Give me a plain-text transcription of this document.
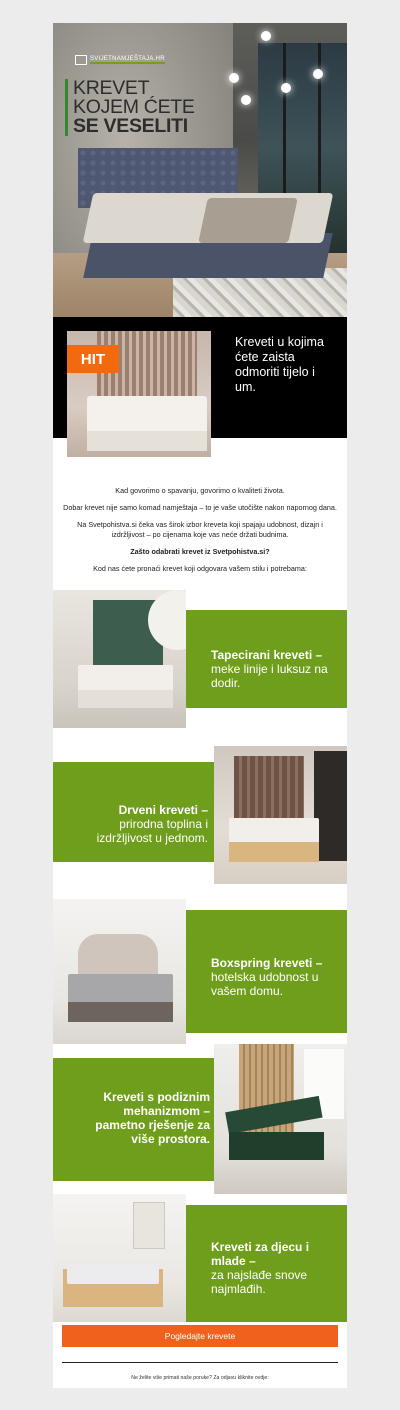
SVIJETNAMJEŠTAJA.HR
KREVET
KOJEM ĆETE
SE VESELITI
HIT
Kreveti u kojima ćete zaista odmoriti tijelo i um.

Kad govorimo o spavanju, govorimo o kvaliteti života.

Dobar krevet nije samo komad namještaja – to je vaše utočište nakon napornog dana.

Na Svetpohistva.si čeka vas širok izbor kreveta koji spajaju udobnost, dizajn i izdržljivost – po cijenama koje vas neće držati budnima.

Zašto odabrati krevet iz Svetpohistva.si?

Kod nas ćete pronaći krevet koji odgovara vašem stilu i potrebama:

Tapecirani kreveti –
meke linije i luksuz na dodir.
Drveni kreveti –
prirodna toplina i izdržljivost u jednom.
Boxspring kreveti –
hotelska udobnost u vašem domu.
Kreveti s podiznim mehanizmom – pametno rješenje za više prostora.
Kreveti za djecu i mlade –
za najslađe snove najmlađih.
Pogledajte krevete
Ne želite više primati naše poruke? Za odjavu kliknite ovdje:
